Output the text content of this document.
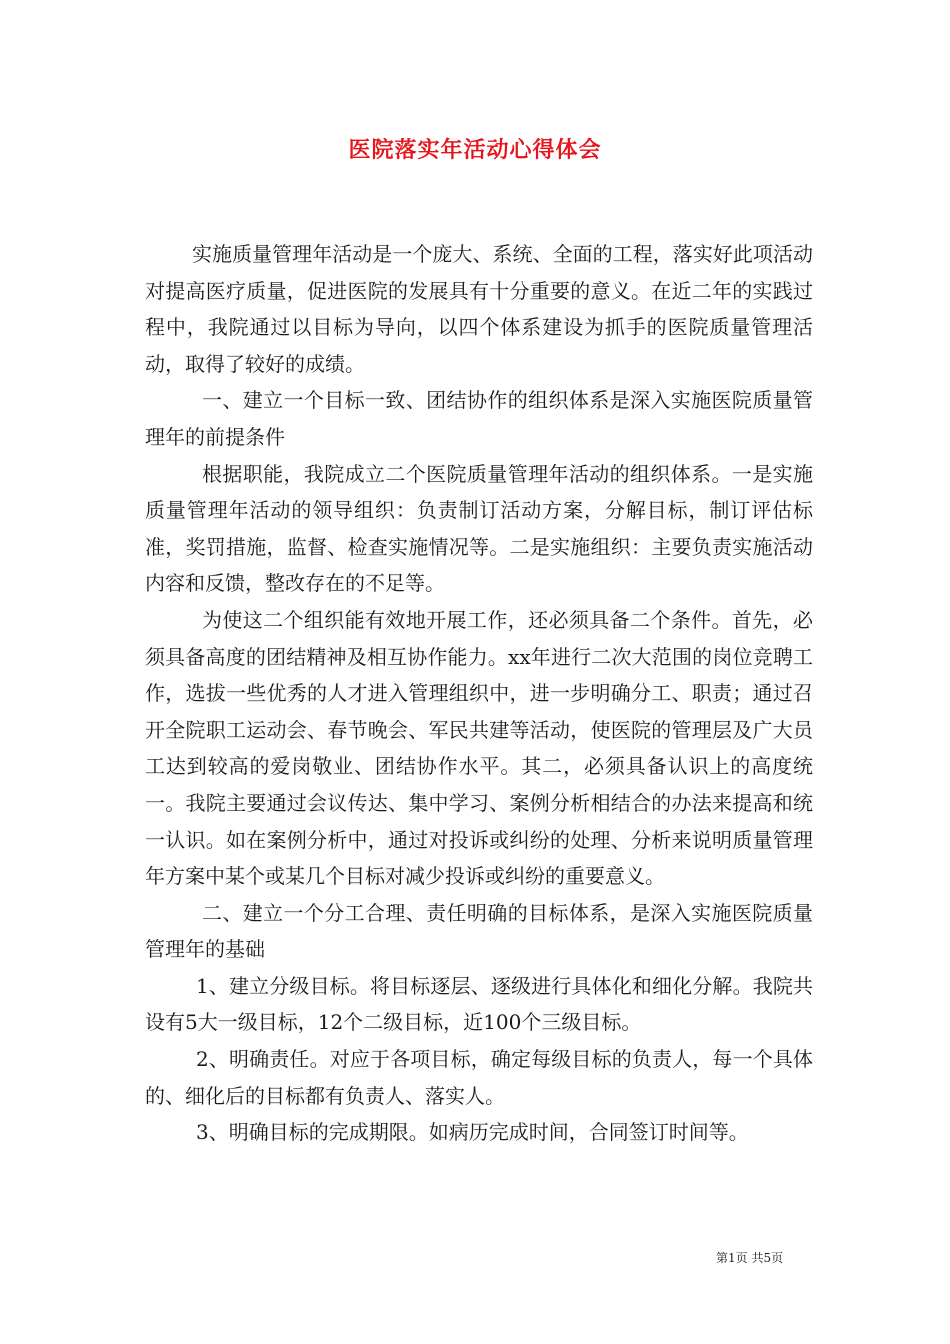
医院落实年活动心得体会

实施质量管理年活动是一个庞大、系统、全面的工程，落实好此项活动对提高医疗质量，促进医院的发展具有十分重要的意义。在近二年的实践过程中，我院通过以目标为导向，以四个体系建设为抓手的医院质量管理活动，取得了较好的成绩。

一、建立一个目标一致、团结协作的组织体系是深入实施医院质量管理年的前提条件

根据职能，我院成立二个医院质量管理年活动的组织体系。一是实施质量管理年活动的领导组织：负责制订活动方案，分解目标，制订评估标准，奖罚措施，监督、检查实施情况等。二是实施组织：主要负责实施活动内容和反馈，整改存在的不足等。

为使这二个组织能有效地开展工作，还必须具备二个条件。首先，必须具备高度的团结精神及相互协作能力。xx年进行二次大范围的岗位竞聘工作，选拔一些优秀的人才进入管理组织中，进一步明确分工、职责；通过召开全院职工运动会、春节晚会、军民共建等活动，使医院的管理层及广大员工达到较高的爱岗敬业、团结协作水平。其二，必须具备认识上的高度统一。我院主要通过会议传达、集中学习、案例分析相结合的办法来提高和统一认识。如在案例分析中，通过对投诉或纠纷的处理、分析来说明质量管理年方案中某个或某几个目标对减少投诉或纠纷的重要意义。

二、建立一个分工合理、责任明确的目标体系，是深入实施医院质量管理年的基础

1、建立分级目标。将目标逐层、逐级进行具体化和细化分解。我院共设有5大一级目标，12个二级目标，近100个三级目标。

2、明确责任。对应于各项目标，确定每级目标的负责人，每一个具体的、细化后的目标都有负责人、落实人。

3、明确目标的完成期限。如病历完成时间，合同签订时间等。

第1页 共5页
